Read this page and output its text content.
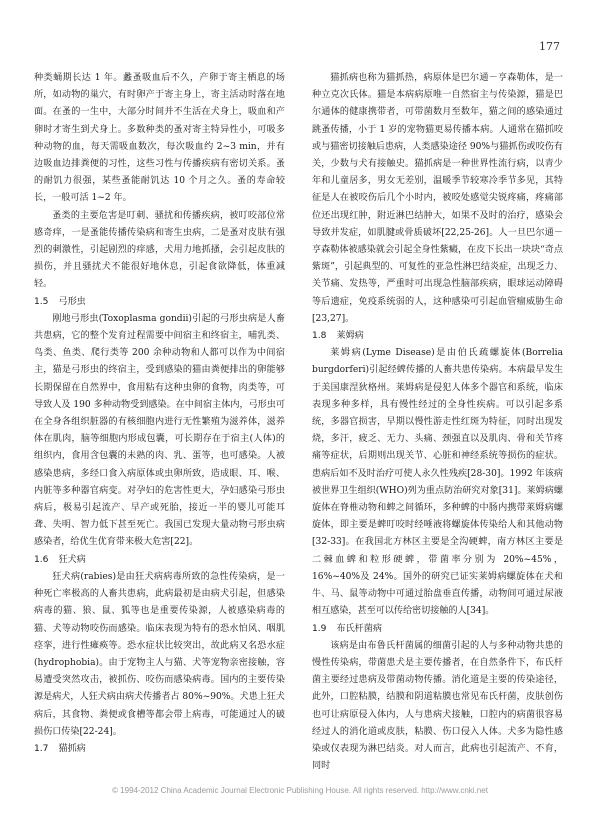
177

种类蛹期长达 1 年。蠡蚤吸血后不久，产卵于寄主栖息的场所，如动物的巢穴，有时卵产于寄主身上，寄主活动时落在地面。在蚤的一生中，大部分时间并不生活在犬身上，吸血和产卵时才寄生到犬身上。多数种类的蚤对寄主特异性小，可吸多种动物的血，每天需吸血数次，每次吸血约 2~3 min，并有边吸血边排粪便的习性，这些习性与传播疾病有密切关系。蚤的耐饥力很强，某些蚤能耐饥达 10 个月之久。蚤的寿命较长，一般可活 1~2 年。

蚤类的主要危害是叮刺、骚扰和传播疾病，被叮咬部位常感奇痒，一是蚤能传播传染病和寄生虫病，二是蚤对皮肤有强烈的刺激性，引起剧烈的痒感，犬用力地抓搔，会引起皮肤的损伤，并且骚扰犬不能很好地休息，引起食欲降低，体重减轻。

1.5 弓形虫

刚地弓形虫(Toxoplasma gondii)引起的弓形虫病是人畜共患病，它的整个发育过程需要中间宿主和终宿主，哺乳类、鸟类、鱼类、爬行类等 200 余种动物和人都可以作为中间宿主，猫是弓形虫的终宿主，受到感染的猫由粪便排出的卵能够长期保留在自然界中，食用粘有这种虫卵的食物，肉类等，可导致人及 190 多种动物受到感染。在中间宿主体内，弓形虫可在全身各组织脏器的有核细胞内进行无性繁殖为滋养体，滋养体在肌肉，脑等细胞内形成包囊，可长期存在于宿主(人体)的组织内，食用含包囊的未熟的肉、乳、蛋等，也可感染。人被感染患病，多经口食入病原体或虫卵所致，造成眼、耳、喉、内脏等多种器官病变。对孕妇的危害性更大，孕妇感染弓形虫病后，极易引起流产、早产或死胎，接近一半的婴儿可能耳聋、失明、智力低下甚至死亡。我国已发现大量动物弓形虫病感染者，给优生优育带来极大危害[22]。

1.6 狂犬病

狂犬病(rabies)是由狂犬病病毒所致的急性传染病，是一种死亡率极高的人畜共患病，此病最初是由病犬引起，但感染病毒的猫、狼、鼠、狐等也是重要传染源，人被感染病毒的猫、犬等动物咬伤而感染。临床表现为特有的恐水怕风、咽肌痉挛，进行性瘫痪等。恐水症状比较突出，故此病又名恐水症(hydrophobia)。由于宠物主人与猫、犬等宠物亲密接触，容易遭受突然攻击，被抓伤、咬伤而感染病毒。国内的主要传染源是病犬，人狂犬病由病犬传播者占 80%~90%。犬患上狂犬病后，其食物、粪便或食槽等都会带上病毒，可能通过人的破损伤口传染[22-24]。

1.7 猫抓病

猫抓病也称为猫抓热，病原体是巴尔通－亨森勒体，是一种立克次氏体。猫是本病病原唯一自然宿主与传染源，猫是巴尔通体的健康携带者，可带菌数月至数年，猫之间的感染通过跳蚤传播，小于 1 岁的宠物猫更易传播本病。人通常在猫抓咬或与猫密切接触后患病，人类感染途径 90%与猫抓伤或咬伤有关，少数与犬有接触史。猫抓病是一种世界性流行病，以青少年和儿童居多，男女无差别，温暖季节较寒冷季节多见，其特征是人在被咬伤后几个小时内，被咬处感觉尖锐疼痛，疼痛部位还出现红肿，附近淋巴结肿大，如果不及时的治疗，感染会导致并发症，如肌腱或骨质破坏[22,25-26]。人一旦巴尔通－亨森勒体被感染就会引起全身性紫癜，在皮下长出一块块“奇点紫斑”，引起典型的、可复性的亚急性淋巴结炎症，出现乏力、关节痛、发热等，严重时可出现急性脑部疾病，眼球运动障碍等后遗症，免疫系统弱的人，这种感染可引起血管瘤威胁生命[23,27]。

1.8 莱姆病

莱姆病(Lyme Disease)是由伯氏疏螺旋体(Borrelia burgdorferi)引起经蜱传播的人畜共患传染病。本病最早发生于美国康涅狄格州。莱姆病是侵犯人体多个器官和系统，临床表现多种多样，具有慢性经过的全身性疾病。可以引起多系统，多器官损害，早期以慢性游走性红斑为特征，同时出现发烧，多汗，疲乏、无力、头痛、颈强直以及肌肉、骨和关节疼痛等症状，后期则出现关节、心脏和神经系统等损伤的症状。患病后如不及时治疗可使人永久性残疾[28-30]。1992 年该病被世界卫生组织(WHO)列为重点防治研究对象[31]。莱姆病螺旋体在脊椎动物和蜱之间循环，多种蜱的中肠内携带莱姆病螺旋体，即主要是蜱叮咬时经唾液将螺旋体传染给人和其他动物[32-33]。在我国北方林区主要是全沟硬蜱，南方林区主要是二棘血蜱和粒形硬蜱，带菌率分别为 20%~45%，16%~40%及 24%。国外的研究已证实莱姆病螺旋体在犬和牛、马、鼠等动物中可通过胎盘垂直传播，动物间可通过尿液相互感染，甚至可以传给密切接触的人[34]。

1.9 布氏杆菌病

该病是由布鲁氏杆菌属的细菌引起的人与多种动物共患的慢性传染病，带菌患犬是主要传播者，在自然条件下，布氏杆菌主要经过患病及带菌动物传播。消化道是主要的传染途径，此外，口腔粘膜，结膜和阴道粘膜也常见布氏杆菌，皮肤创伤也可让病原侵入体内，人与患病犬接触，口腔内的病菌很容易经过人的消化道或皮肤，粘膜、伤口侵入人体。犬多为隐性感染或仅表现为淋巴结炎。对人而言，此病也引起流产、不育，同时

© 1994-2012 China Academic Journal Electronic Publishing House. All rights reserved. http://www.cnki.net
